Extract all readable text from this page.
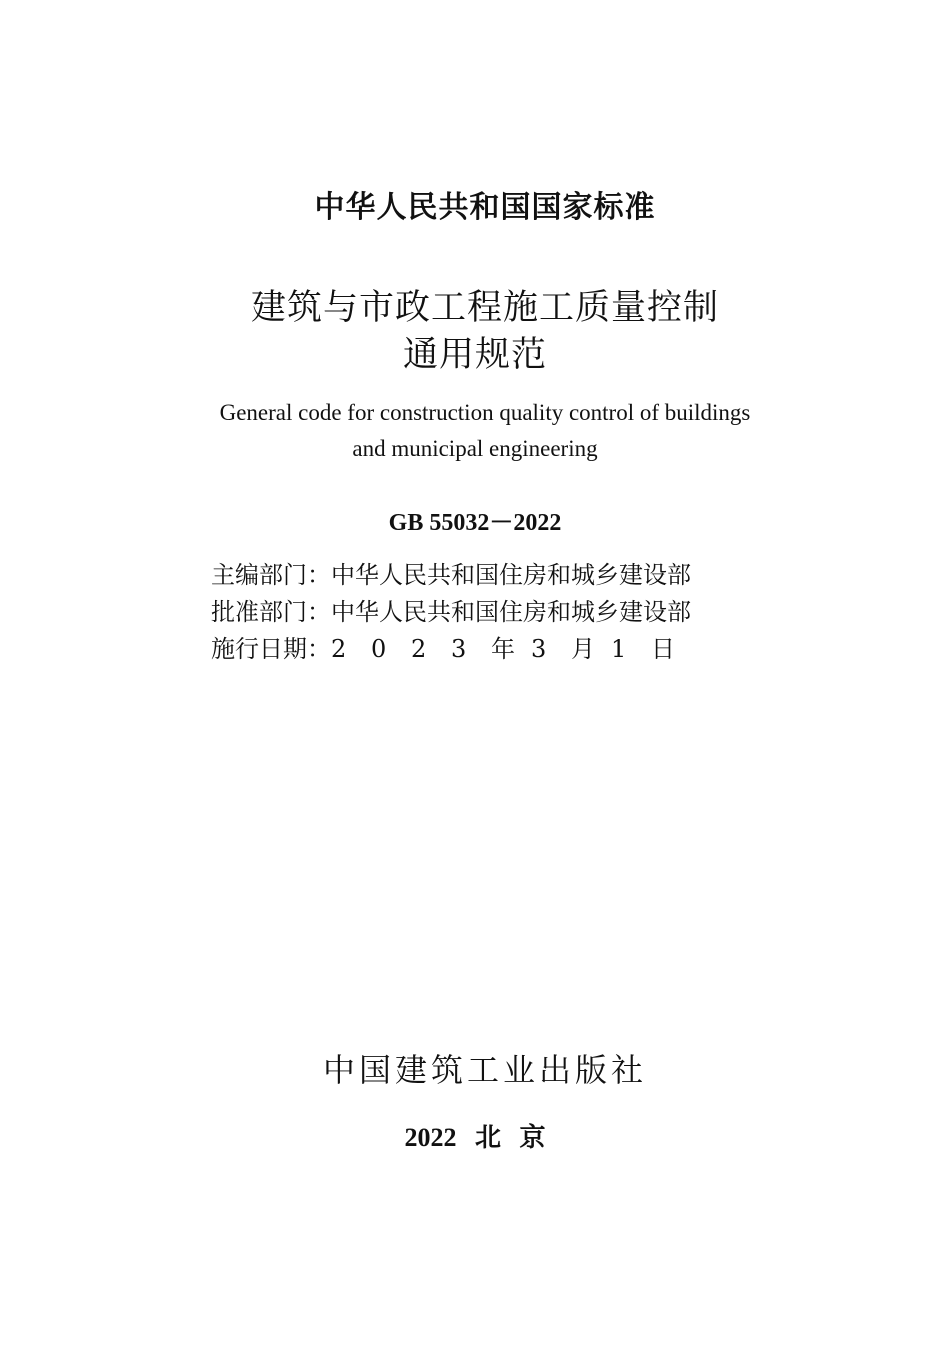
中华人民共和国国家标准
建筑与市政工程施工质量控制
通用规范
General code for construction quality control of buildings
and municipal engineering
GB 55032－2022
主编部门：中华人民共和国住房和城乡建设部
批准部门：中华人民共和国住房和城乡建设部
施行日期：2 0 2 3 年 3 月 1 日
中国建筑工业出版社
2022 北 京
